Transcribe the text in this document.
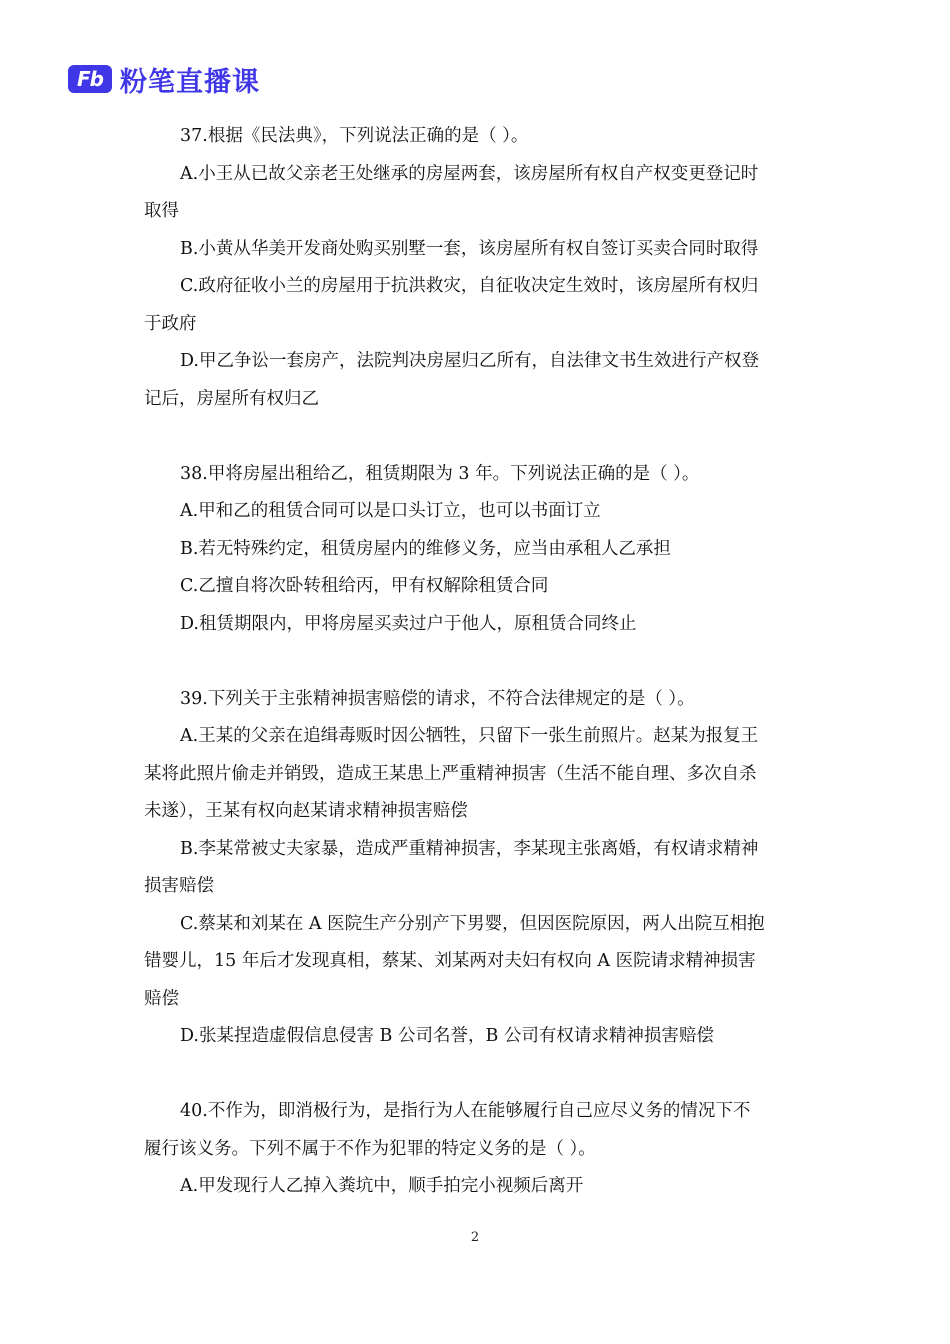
Fb 粉笔直播课
37.根据《民法典》，下列说法正确的是（ ）。
A.小王从已故父亲老王处继承的房屋两套，该房屋所有权自产权变更登记时
取得
B.小黄从华美开发商处购买别墅一套，该房屋所有权自签订买卖合同时取得
C.政府征收小兰的房屋用于抗洪救灾，自征收决定生效时，该房屋所有权归
于政府
D.甲乙争讼一套房产，法院判决房屋归乙所有，自法律文书生效进行产权登
记后，房屋所有权归乙
38.甲将房屋出租给乙，租赁期限为 3 年。下列说法正确的是（ ）。
A.甲和乙的租赁合同可以是口头订立，也可以书面订立
B.若无特殊约定，租赁房屋内的维修义务，应当由承租人乙承担
C.乙擅自将次卧转租给丙，甲有权解除租赁合同
D.租赁期限内，甲将房屋买卖过户于他人，原租赁合同终止
39.下列关于主张精神损害赔偿的请求，不符合法律规定的是（ ）。
A.王某的父亲在追缉毒贩时因公牺牲，只留下一张生前照片。赵某为报复王
某将此照片偷走并销毁，造成王某患上严重精神损害（生活不能自理、多次自杀
未遂），王某有权向赵某请求精神损害赔偿
B.李某常被丈夫家暴，造成严重精神损害，李某现主张离婚，有权请求精神
损害赔偿
C.蔡某和刘某在 A 医院生产分别产下男婴，但因医院原因，两人出院互相抱
错婴儿，15 年后才发现真相，蔡某、刘某两对夫妇有权向 A 医院请求精神损害
赔偿
D.张某捏造虚假信息侵害 B 公司名誉，B 公司有权请求精神损害赔偿
40.不作为，即消极行为，是指行为人在能够履行自己应尽义务的情况下不
履行该义务。下列不属于不作为犯罪的特定义务的是（ ）。
A.甲发现行人乙掉入粪坑中，顺手拍完小视频后离开
2
